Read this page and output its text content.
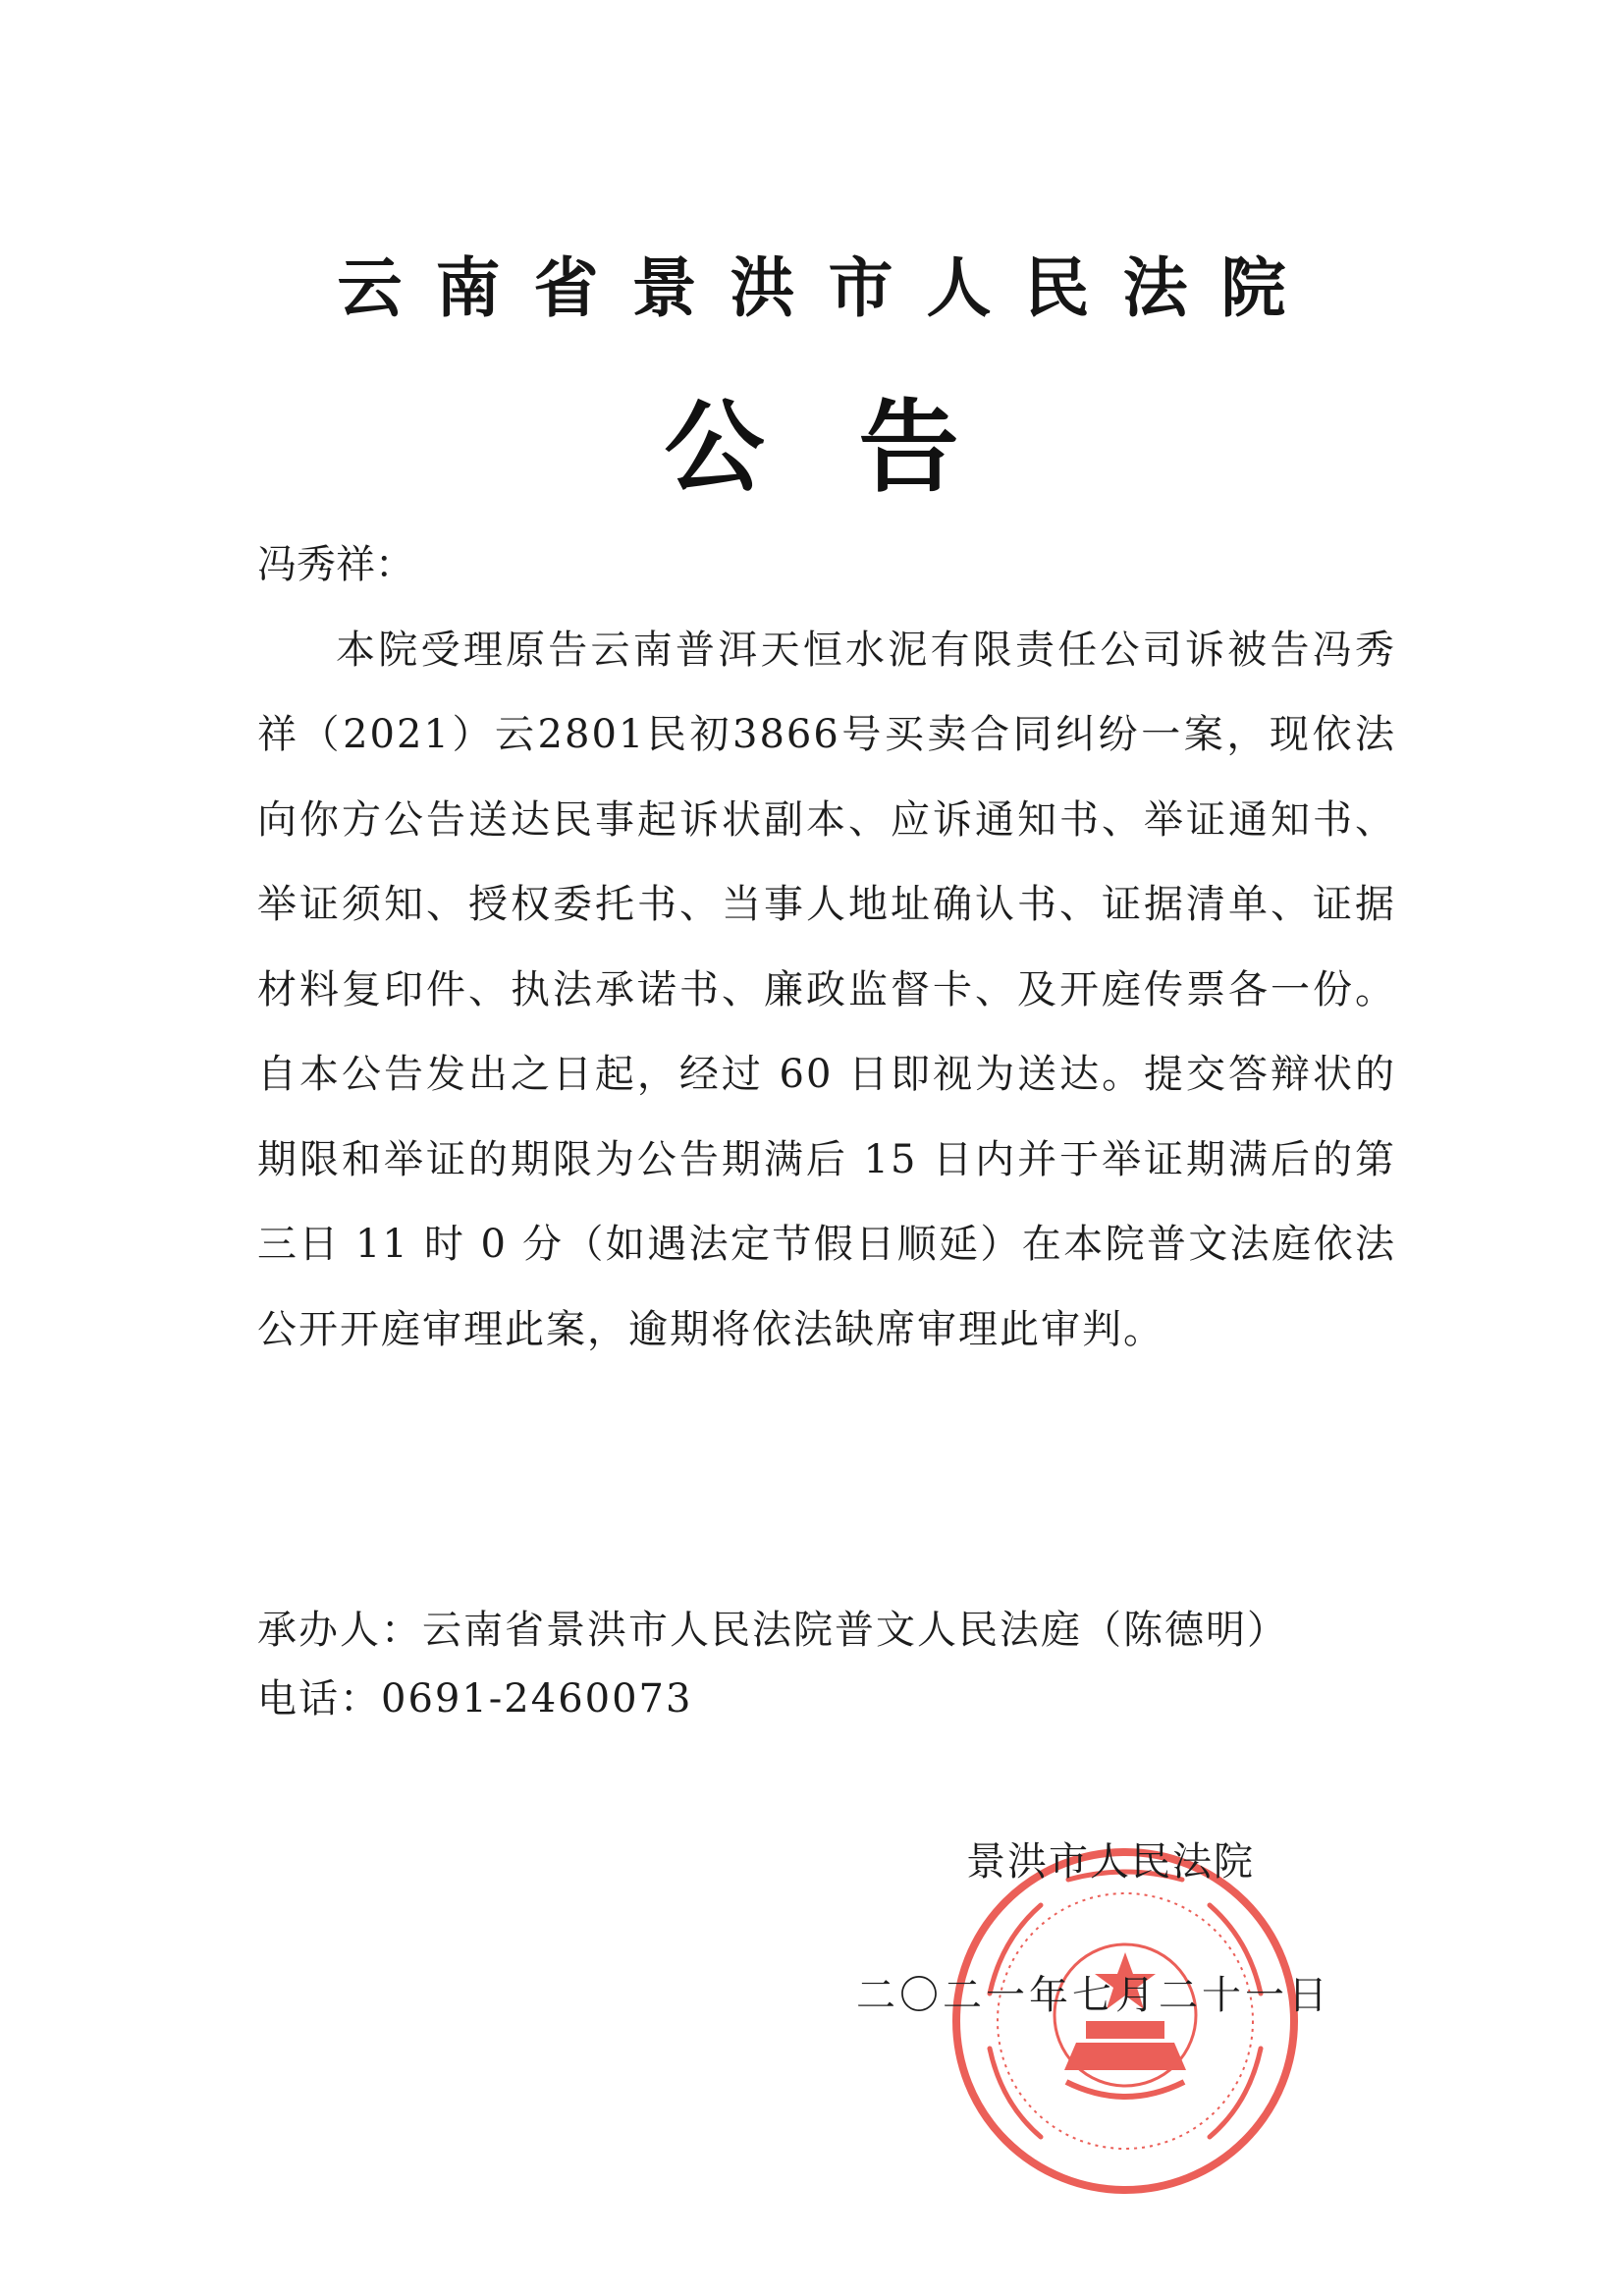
云南省景洪市人民法院
公告

冯秀祥：

本院受理原告云南普洱天恒水泥有限责任公司诉被告冯秀祥（2021）云2801民初3866号买卖合同纠纷一案，现依法向你方公告送达民事起诉状副本、应诉通知书、举证通知书、举证须知、授权委托书、当事人地址确认书、证据清单、证据材料复印件、执法承诺书、廉政监督卡、及开庭传票各一份。自本公告发出之日起，经过 60 日即视为送达。提交答辩状的期限和举证的期限为公告期满后 15 日内并于举证期满后的第三日 11 时 0 分（如遇法定节假日顺延）在本院普文法庭依法公开开庭审理此案，逾期将依法缺席审理此审判。

承办人：云南省景洪市人民法院普文人民法庭（陈德明）
电话：0691-2460073
景洪市人民法院
二〇二一年七月二十一日
